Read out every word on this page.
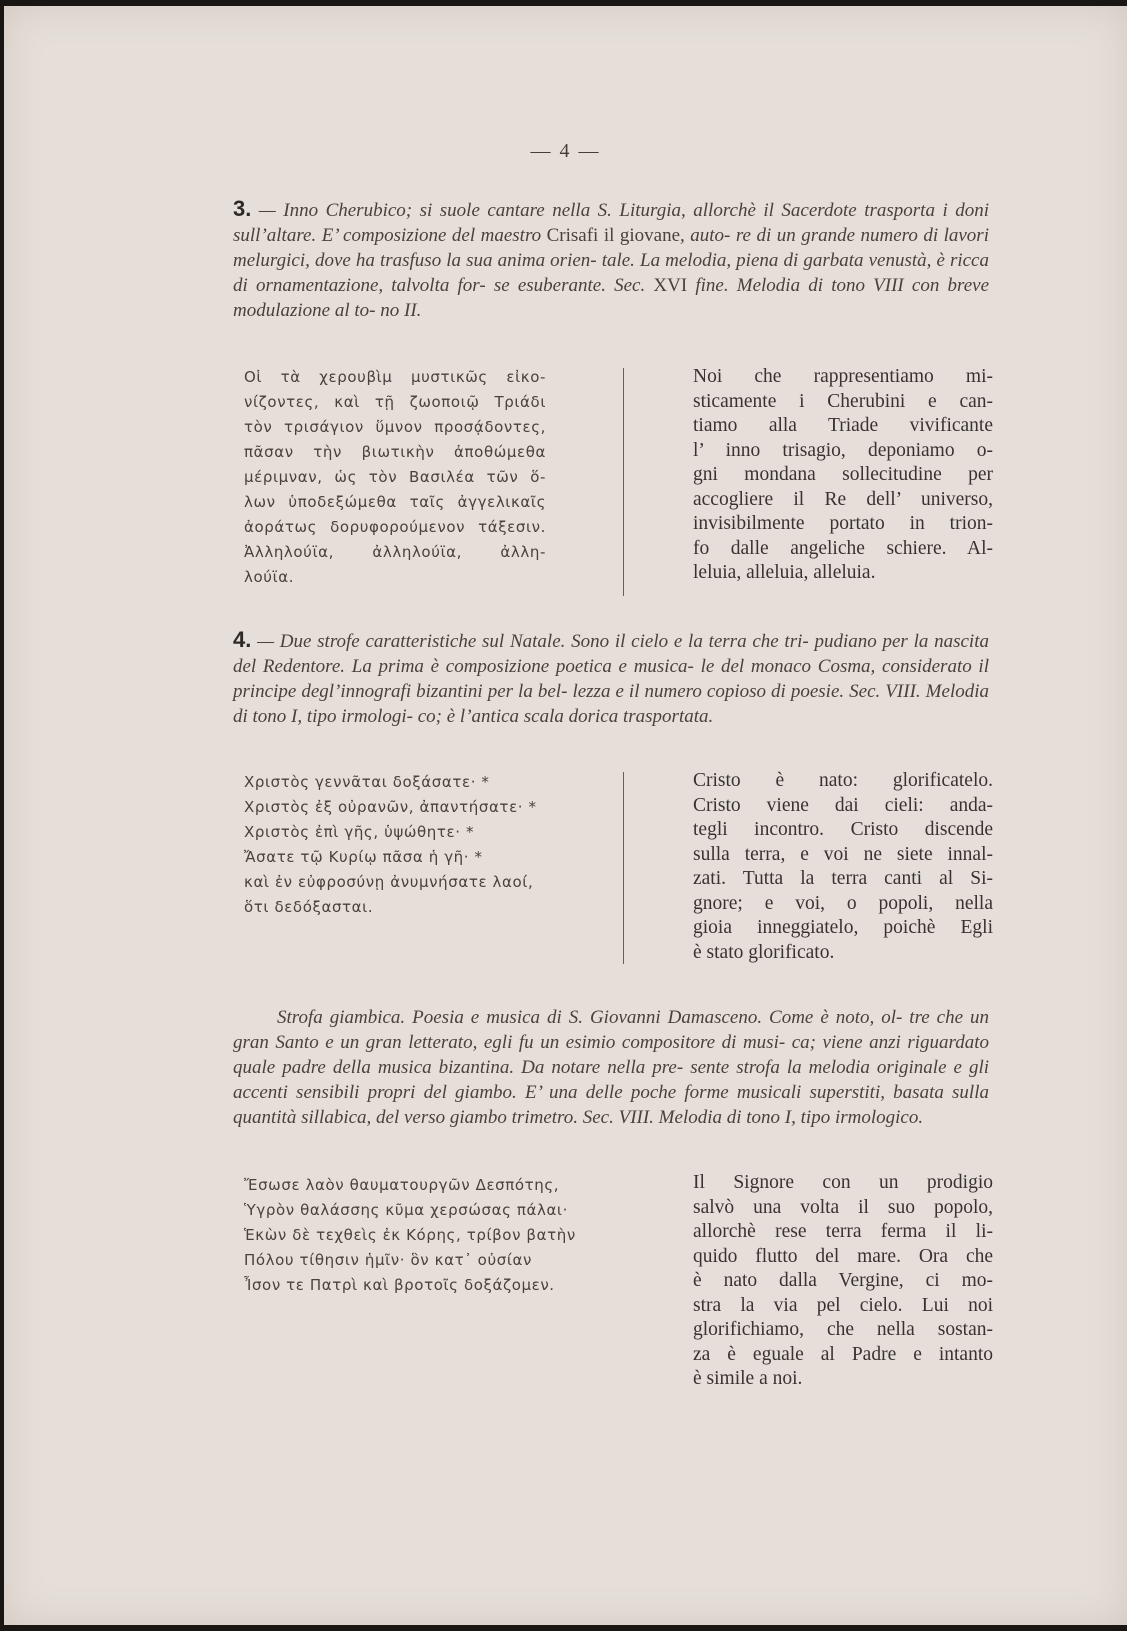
— 4 —
3. — Inno Cherubico; si suole cantare nella S. Liturgia, allorchè il Sacerdote trasporta i doni sull’altare. E’ composizione del maestro Crisafi il giovane, auto- re di un grande numero di lavori melurgici, dove ha trasfuso la sua anima orien- tale. La melodia, piena di garbata venustà, è ricca di ornamentazione, talvolta for- se esuberante. Sec. XVI fine. Melodia di tono VIII con breve modulazione al to- no II.
Οἱ τὰ χερουβὶμ μυστικῶς εἰκο-
νίζοντες, καὶ τῇ ζωοποιῷ Τριάδι
τὸν τρισάγιον ὕμνον προσᾴδοντες,
πᾶσαν τὴν βιωτικὴν ἀποθώμεθα
μέριμναν, ὡς τὸν Βασιλέα τῶν ὅ-
λων ὑποδεξώμεθα ταῖς ἀγγελικαῖς
ἀοράτως δορυφορούμενον τάξεσιν.
Ἀλληλούϊα, ἀλληλούϊα, ἀλλη-
λούϊα.
Noi che rappresentiamo mi-
sticamente i Cherubini e can-
tiamo alla Triade vivificante
l’ inno trisagio, deponiamo o-
gni mondana sollecitudine per
accogliere il Re dell’ universo,
invisibilmente portato in trion-
fo dalle angeliche schiere. Al-
leluia, alleluia, alleluia.
4. — Due strofe caratteristiche sul Natale. Sono il cielo e la terra che tri- pudiano per la nascita del Redentore. La prima è composizione poetica e musica- le del monaco Cosma, considerato il principe degl’innografi bizantini per la bel- lezza e il numero copioso di poesie. Sec. VIII. Melodia di tono I, tipo irmologi- co; è l’antica scala dorica trasportata.
Χριστὸς γεννᾶται δοξάσατε· *
Χριστὸς ἐξ οὐρανῶν, ἀπαντήσατε· *
Χριστὸς ἐπὶ γῆς, ὑψώθητε· *
Ἄσατε τῷ Κυρίῳ πᾶσα ἡ γῆ· *
καὶ ἐν εὐφροσύνῃ ἀνυμνήσατε λαοί,
ὅτι δεδόξασται.
Cristo è nato: glorificatelo.
Cristo viene dai cieli: anda-
tegli incontro. Cristo discende
sulla terra, e voi ne siete innal-
zati. Tutta la terra canti al Si-
gnore; e voi, o popoli, nella
gioia inneggiatelo, poichè Egli
è stato glorificato.
Strofa giambica. Poesia e musica di S. Giovanni Damasceno. Come è noto, ol- tre che un gran Santo e un gran letterato, egli fu un esimio compositore di musi- ca; viene anzi riguardato quale padre della musica bizantina. Da notare nella pre- sente strofa la melodia originale e gli accenti sensibili propri del giambo. E’ una delle poche forme musicali superstiti, basata sulla quantità sillabica, del verso giambo trimetro. Sec. VIII. Melodia di tono I, tipo irmologico.
Ἔσωσε λαὸν θαυματουργῶν Δεσπότης,
Ὑγρὸν θαλάσσης κῦμα χερσώσας πάλαι·
Ἑκὼν δὲ τεχθεὶς ἐκ Κόρης, τρίβον βατὴν
Πόλου τίθησιν ἡμῖν· ὃν κατ᾿ οὐσίαν
Ἶσον τε Πατρὶ καὶ βροτοῖς δοξάζομεν.
Il Signore con un prodigio
salvò una volta il suo popolo,
allorchè rese terra ferma il li-
quido flutto del mare. Ora che
è nato dalla Vergine, ci mo-
stra la via pel cielo. Lui noi
glorifichiamo, che nella sostan-
za è eguale al Padre e intanto
è simile a noi.
